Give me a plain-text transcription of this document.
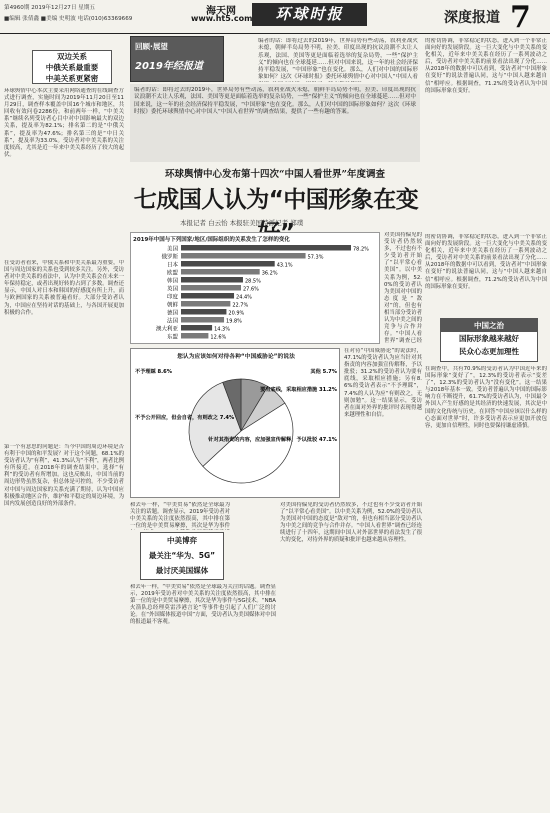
第4960期 2019年12月27日 星期五
■编辑 张倩鑫 ■美编 史明波 电话(010)63369669
海天网
www.ht5.com	环球时报	深度报道 7
双边关系
中俄关系最重要
中美关系更紧密
环球舆情中心本次主要采用网络通查的在线调查方式进行调查，实施时间为2019年11月20日至11月29日，调查样本覆盖中国16个城市和地区，共回收有效问卷2286份。和前两年一样，“中美关系”继续名列受访者心目中对中国影响最大的双边关系，提及率为82.1%；排名第二的是“中俄关系”，提及率为47.6%；排名第三的是“中日关系”，提及率为33.0%。受访者对中美关系的关注度较高，尤其是近一年来中美关系经历了较大的起伏。
在受访者看来，中俄关系和中美关系最为重要，中国与周边国家的关系也受到较多关注。另外，受访者对中美关系的看法中，认为中美关系会在未来一年保持稳定，或者出现好转的占到了多数。调查还显示，中国人对日本和韩国的好感度有所上升，而与欧洲国家的关系被普遍看好。大部分受访者认为，中国应在坚持对话的基础上，与各国开展更加积极的合作。
回顾·展望
2019年经报道
编者的话：即将过去的2019年，世界局势有些动荡，叙利亚战火未熄，朝鲜半岛局势不明，拉美、印度出现的抗议浪潮不太让人乐观，法国、美国等更是面临着选举的复杂局势，一些“保护主义”的倾向也在全球蔓延……但对中国来说，这一年的社会经济保持平稳发展，“中国形象”也在变化。那么，人们对中国的国际形象如何？这次《环球时报》委托环球舆情中心对中国人“中国人看世界”的调查结果，提供了一些有趣的答案。
编者的话：即将过去的2019年，世界局势有些动荡，叙利亚战火未熄，朝鲜半岛局势不明，拉美、印度出现的抗议浪潮不太让人乐观，法国、美国等更是面临着选举的复杂局势，一些“保护主义”的倾向也在全球蔓延……但对中国来说，这一年的社会经济保持平稳发展，“中国形象”也在变化。那么，人们对中国的国际形象如何？这次《环球时报》委托环球舆情中心对中国人“中国人看
的密切协调，非常稳定的状态，进入到一个非常正面向好的发展阶段。这一巨大变化与中美关系的变化相关，近年来中美关系在经历了一系列波动之后，受访者对中美关系的前景看法出现了分化……从2018年的数据中可以看到，受访者对“中国形象在变好”的说法普遍认同，这与“中国人越来越自信”相呼应。根据调查，71.2%的受访者认为中国的国际形象在变好。
环球舆情中心发布第十四次“中国人看世界”年度调查
七成国人认为“中国形象在变
本报记者 白云怡 本报驻美国特派记者 郑璞
2019年中国与下列国家/地区/国际组织的关系发生了怎样的变化
美国	78.2%
俄罗斯	57.3%
日本	43.1%
欧盟	36.2%
韩国	28.5%
英国	27.6%
印度	24.4%
朝鲜	22.7%
德国	20.9%
法国	19.8%
澳大利亚	14.3%
东盟	12.6%
对美国持偏见的受访者仍然较多，不过也有不少受访者开始了“以平常心看美国”。以中美关系为例，52.0%的受访者认为美国对中国的态度是“敌对”的，但也有相当部分受访者认为中美之间的竞争与合作并存。“中国人看世界”调查已经
您认为应该如何对待各种“中国威胁论”的说法
不予理睬 8.6%
不予公开回应，但会自省，有则改之 7.4%
针对其指责的内容，应加强宣传解释，予以批驳 47.1%
要有底线，采取相应措施 31.2%
其他 5.7%
在对待“中国威胁论”的说法时，47.1%的受访者认为应当针对其指责的内容加强宣传解释，予以批驳；31.2%的受访者认为要有底线，采取相应措施；另有8.6%的受访者表示“不予理睬”，7.4%的人认为应“有则改之，无则加勉”。这一结果显示，受访者在面对外界的批评时表现得越来越理性和自信。
中国之治
国际形象越来越好
民众心态更加理性
的密切协调，非常稳定的状态，进入到一个非常正面向好的发展阶段。这一巨大变化与中美关系的变化相关，近年来中美关系在经历了一系列波动之后，受访者对中美关系的前景看法出现了分化……从2018年的数据中可以看到，受访者对“中国形象在变好”的说法普遍认同，这与“中国人越来越自信”相呼应。根据调查，71.2%的受访者认为中国的国际形象在变好。
在调查中，共有70.9%的受访者认为中国近年来的国际形象“变好了”，12.3%的受访者表示“变差了”，12.3%的受访者认为“没有变化”。这一结果与2018年基本一致。受访者普遍认为中国的国际影响力在不断提升，61.7%的受访者认为，中国最令外国人产生好感的是其经济的快速发展，其次是中国的文化传统与历史。在回答“中国应该以什么样的心态面对世界”时，许多受访者表示应更加开放包容，更加自信理性，同时也要保持谦虚谨慎。
中美博弈
最关注“华为、5G”
最讨厌美国媒体
和去年一样，“中美贸易”依然是全球最为关注的话题。调查显示，2019年受访者对中美关系的关注度依然很高，其中排在第一位的是中美贸易摩擦，其次是华为事件
和去年一样，“中美贸易”依然是全球最为关注的话题。调查显示，2019年受访者对中美关系的关注度依然很高，其中排在第一位的是中美贸易摩擦，其次是华为事件与5G技术。“NBA火箭队总经理莫雷涉港言论”等事件也引起了人们广泛的讨论。在“外国媒体报道中国”方面，受访者认为美国媒体对中国的报道最不客观。
对美国持偏见的受访者仍然较多，不过也有不少受访者开始了“以平常心看美国”。以中美关系为例，52.0%的受访者认为美国对中国的态度是“敌对”的，但也有相当部分受访者认为中美之间的竞争与合作并存。“中国人看世界”调查已经连续进行了十四年，这期间中国人对外部世界的看法发生了很大的变化，对待外界的质疑和批评也越来越从容理性。
第一个有意思的问题是：当今中国的周边环境是否有利于中国的和平发展？对于这个问题，68.1%的受访者认为“有利”，41.3%认为“不利”，两者比例有所接近。在2018年的调查结果中，选择“有利”的受访者有所增加。这也反映出，中国当前的周边形势虽然复杂，但总体是可控的。不少受访者对中国与周边国家的关系充满了期待，认为中国应积极推动地区合作，维护和平稳定的周边环境，为国内发展创造良好的外部条件。
